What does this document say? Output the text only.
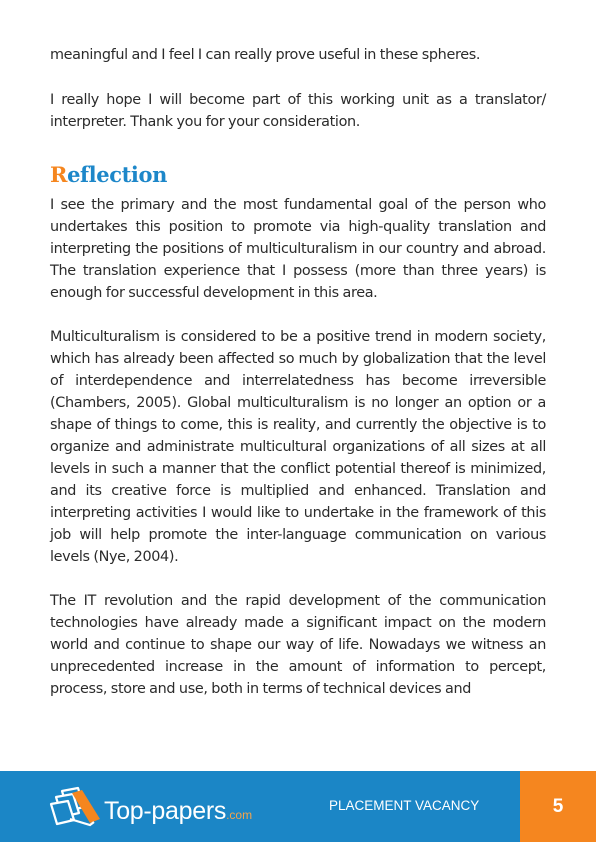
meaningful and I feel I can really prove useful in these spheres.

I really hope I will become part of this working unit as a translator/ interpreter. Thank you for your consideration.

Reflection

I see the primary and the most fundamental goal of the person who undertakes this position to promote via high-quality translation and interpreting the positions of multiculturalism in our country and abroad. The translation experience that I possess (more than three years) is enough for successful development in this area.

Multiculturalism is considered to be a positive trend in modern society, which has already been affected so much by globalization that the level of interdependence and interrelatedness has become irreversible (Chambers, 2005). Global multiculturalism is no longer an option or a shape of things to come, this is reality, and currently the objective is to organize and administrate multicultural organizations of all sizes at all levels in such a manner that the conflict potential thereof is minimized, and its creative force is multiplied and enhanced. Translation and interpreting activities I would like to undertake in the framework of this job will help promote the inter-language communication on various levels (Nye, 2004).

The IT revolution and the rapid development of the communication technologies have already made a significant impact on the modern world and continue to shape our way of life. Nowadays we witness an unprecedented increase in the amount of information to percept, process, store and use, both in terms of technical devices and

Top-papers.com
PLACEMENT VACANCY	5
